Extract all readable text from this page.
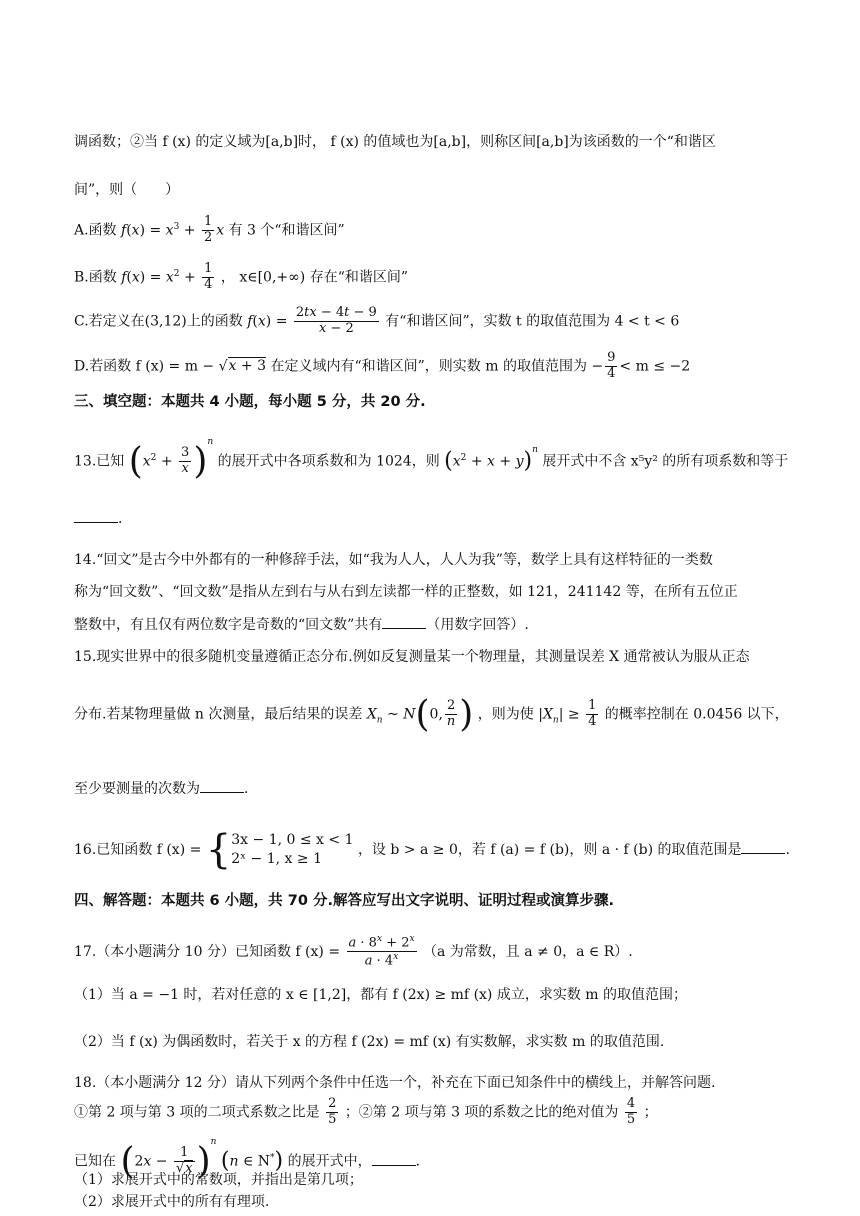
调函数；②当 f (x) 的定义域为[a,b]时， f (x) 的值域也为[a,b]，则称区间[a,b]为该函数的一个“和谐区
间”，则（　　）
A.函数 $f(x) = x^3 + \frac{1}{2}$ x 有 3 个“和谐区间”
B.函数 $f(x) = x^2 + \frac{1}{4}$ ， x∈[0,+∞) 存在“和谐区间”
C.若定义在(3,12)上的函数 $f(x) = \frac{2tx - 4t - 9}{x - 2}$ 有“和谐区间”，实数 t 的取值范围为 4 < t < 6
D.若函数 f (x) = m − √x + 3 在定义域内有“和谐区间”，则实数 m 的取值范围为 − $\frac{9}{4} < m \le -2$
三、填空题：本题共 4 小题，每小题 5 分，共 20 分.
13.已知 $(x^2 + \frac{3}{x} )^n$ 的展开式中各项系数和为 1024，则 $(x^2 + x + y)^n$ 展开式中不含 x⁵y² 的所有项系数和等于
.
14.“回文”是古今中外都有的一种修辞手法，如“我为人人，人人为我”等，数学上具有这样特征的一类数
称为“回文数”、“回文数”是指从左到右与从右到左读都一样的正整数，如 121，241142 等，在所有五位正
整数中，有且仅有两位数字是奇数的“回文数”共有	（用数字回答）.
15.现实世界中的很多随机变量遵循正态分布.例如反复测量某一个物理量，其测量误差 X 通常被认为服从正态
分布.若某物理量做 n 次测量，最后结果的误差 $X_n$ ~ N(0, $\frac{2}{n}$ ) ，则为使 $|X_n| \ge \frac{1}{4}$ 的概率控制在 0.0456 以下，
至少要测量的次数为	.
16.已知函数 f (x) = { 3x − 1, 0 ≤ x < 1
2ˣ − 1, x ≥ 1
，设 b > a ≥ 0，若 f (a) = f (b)，则 a · f (b) 的取值范围是	.
四、解答题：本题共 6 小题，共 70 分.解答应写出文字说明、证明过程或演算步骤.
17.（本小题满分 10 分）已知函数 f $(x) = \frac{a \cdot 8^x + 2^x}{a \cdot 4^x} (a$ 为常数，且 a ≠ 0，a ∈ R）.
（1）当 a = −1 时，若对任意的 x ∈ [1,2]，都有 f (2x) ≥ mf (x) 成立，求实数 m 的取值范围；
（2）当 f (x) 为偶函数时，若关于 x 的方程 f (2x) = mf (x) 有实数解，求实数 m 的取值范围.
18.（本小题满分 12 分）请从下列两个条件中任选一个，补充在下面已知条件中的横线上，并解答问题.
①第 2 项与第 3 项的二项式系数之比是 $\frac{2}{5}$ ；②第 2 项与第 3 项的系数之比的绝对值为 $\frac{4}{5}$ ；
已知在 $(2x - \frac{1}{√x} )^n$ (n ∈ N*) 的展开式中，	.
（1）求展开式中的常数项，并指出是第几项；
（2）求展开式中的所有有理项.
